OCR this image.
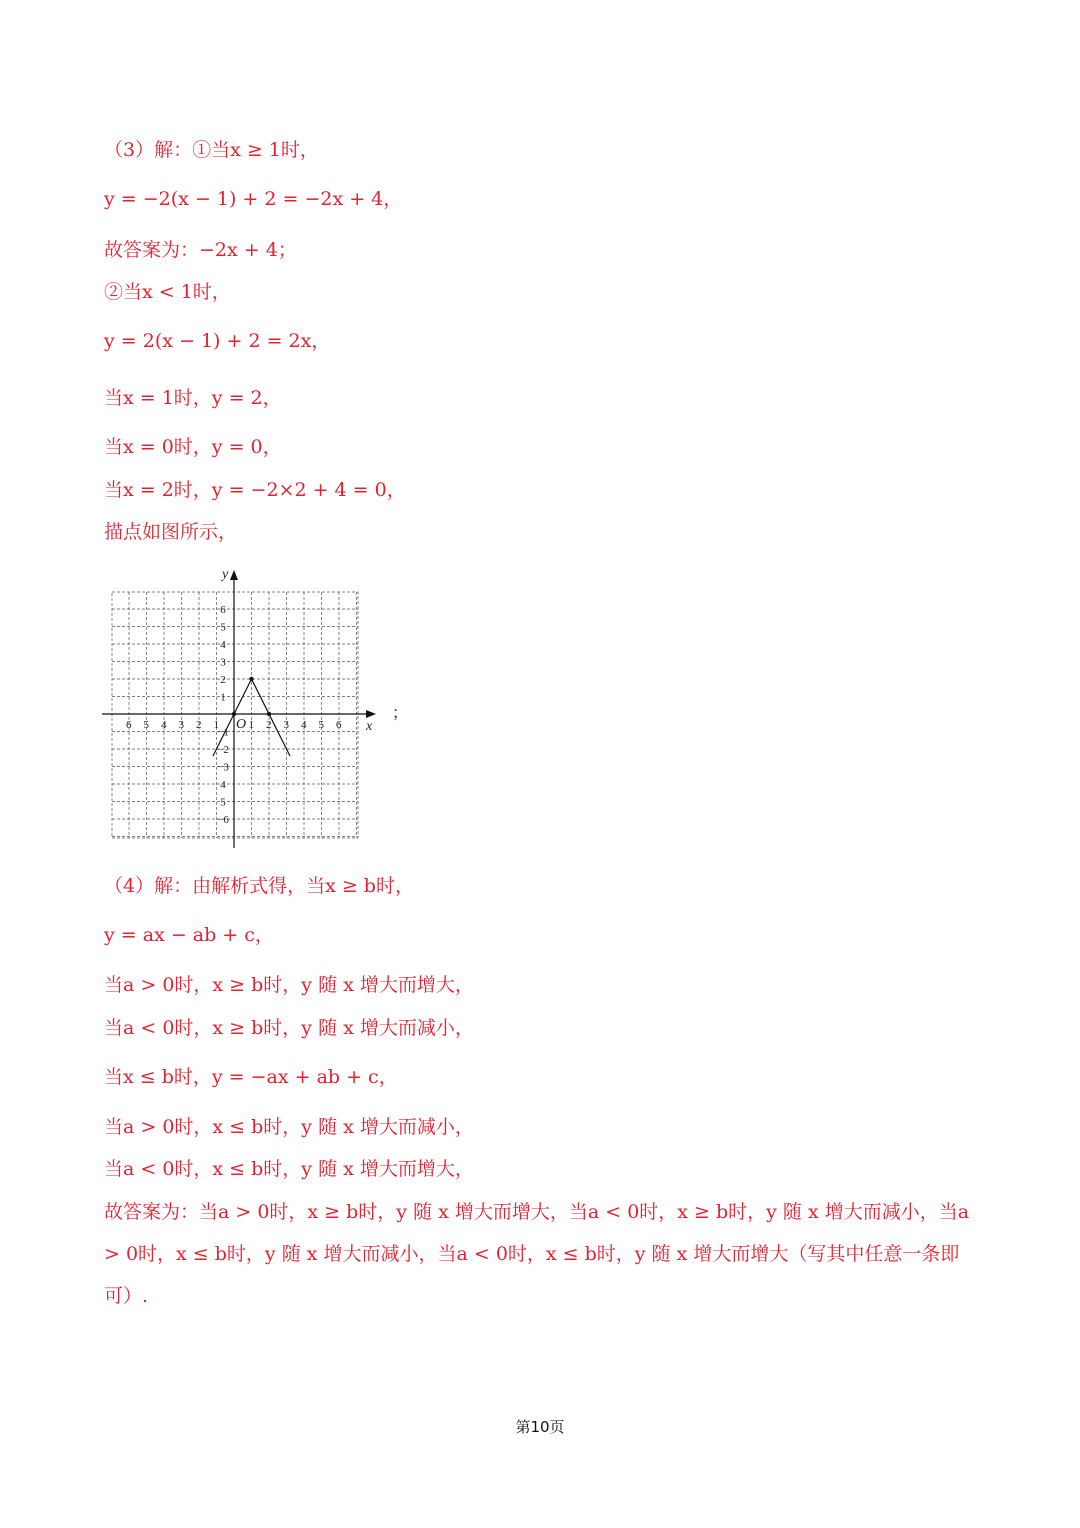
（3）解：①当x ≥ 1时，

y = −2(x − 1) + 2 = −2x + 4，

故答案为：−2x + 4；

②当x < 1时，

y = 2(x − 1) + 2 = 2x，

当x = 1时，y = 2，

当x = 0时，y = 0，

当x = 2时，y = −2×2 + 4 = 0，

描点如图所示，

x
y
O
6 5 4 3 2 1	1 2 3 4 5 6
6
5
4
3
2
1
−1
−2
−3
4
5
−6
；

（4）解：由解析式得，当x ≥ b时，

y = ax − ab + c，

当a > 0时，x ≥ b时，y 随 x 增大而增大，

当a < 0时，x ≥ b时，y 随 x 增大而减小，

当x ≤ b时，y = −ax + ab + c，

当a > 0时，x ≤ b时，y 随 x 增大而减小，

当a < 0时，x ≤ b时，y 随 x 增大而增大，

故答案为：当a > 0时，x ≥ b时，y 随 x 增大而增大，当a < 0时，x ≥ b时，y 随 x 增大而减小，当a > 0时，x ≤ b时，y 随 x 增大而减小，当a < 0时，x ≤ b时，y 随 x 增大而增大（写其中任意一条即可）.

第10页
